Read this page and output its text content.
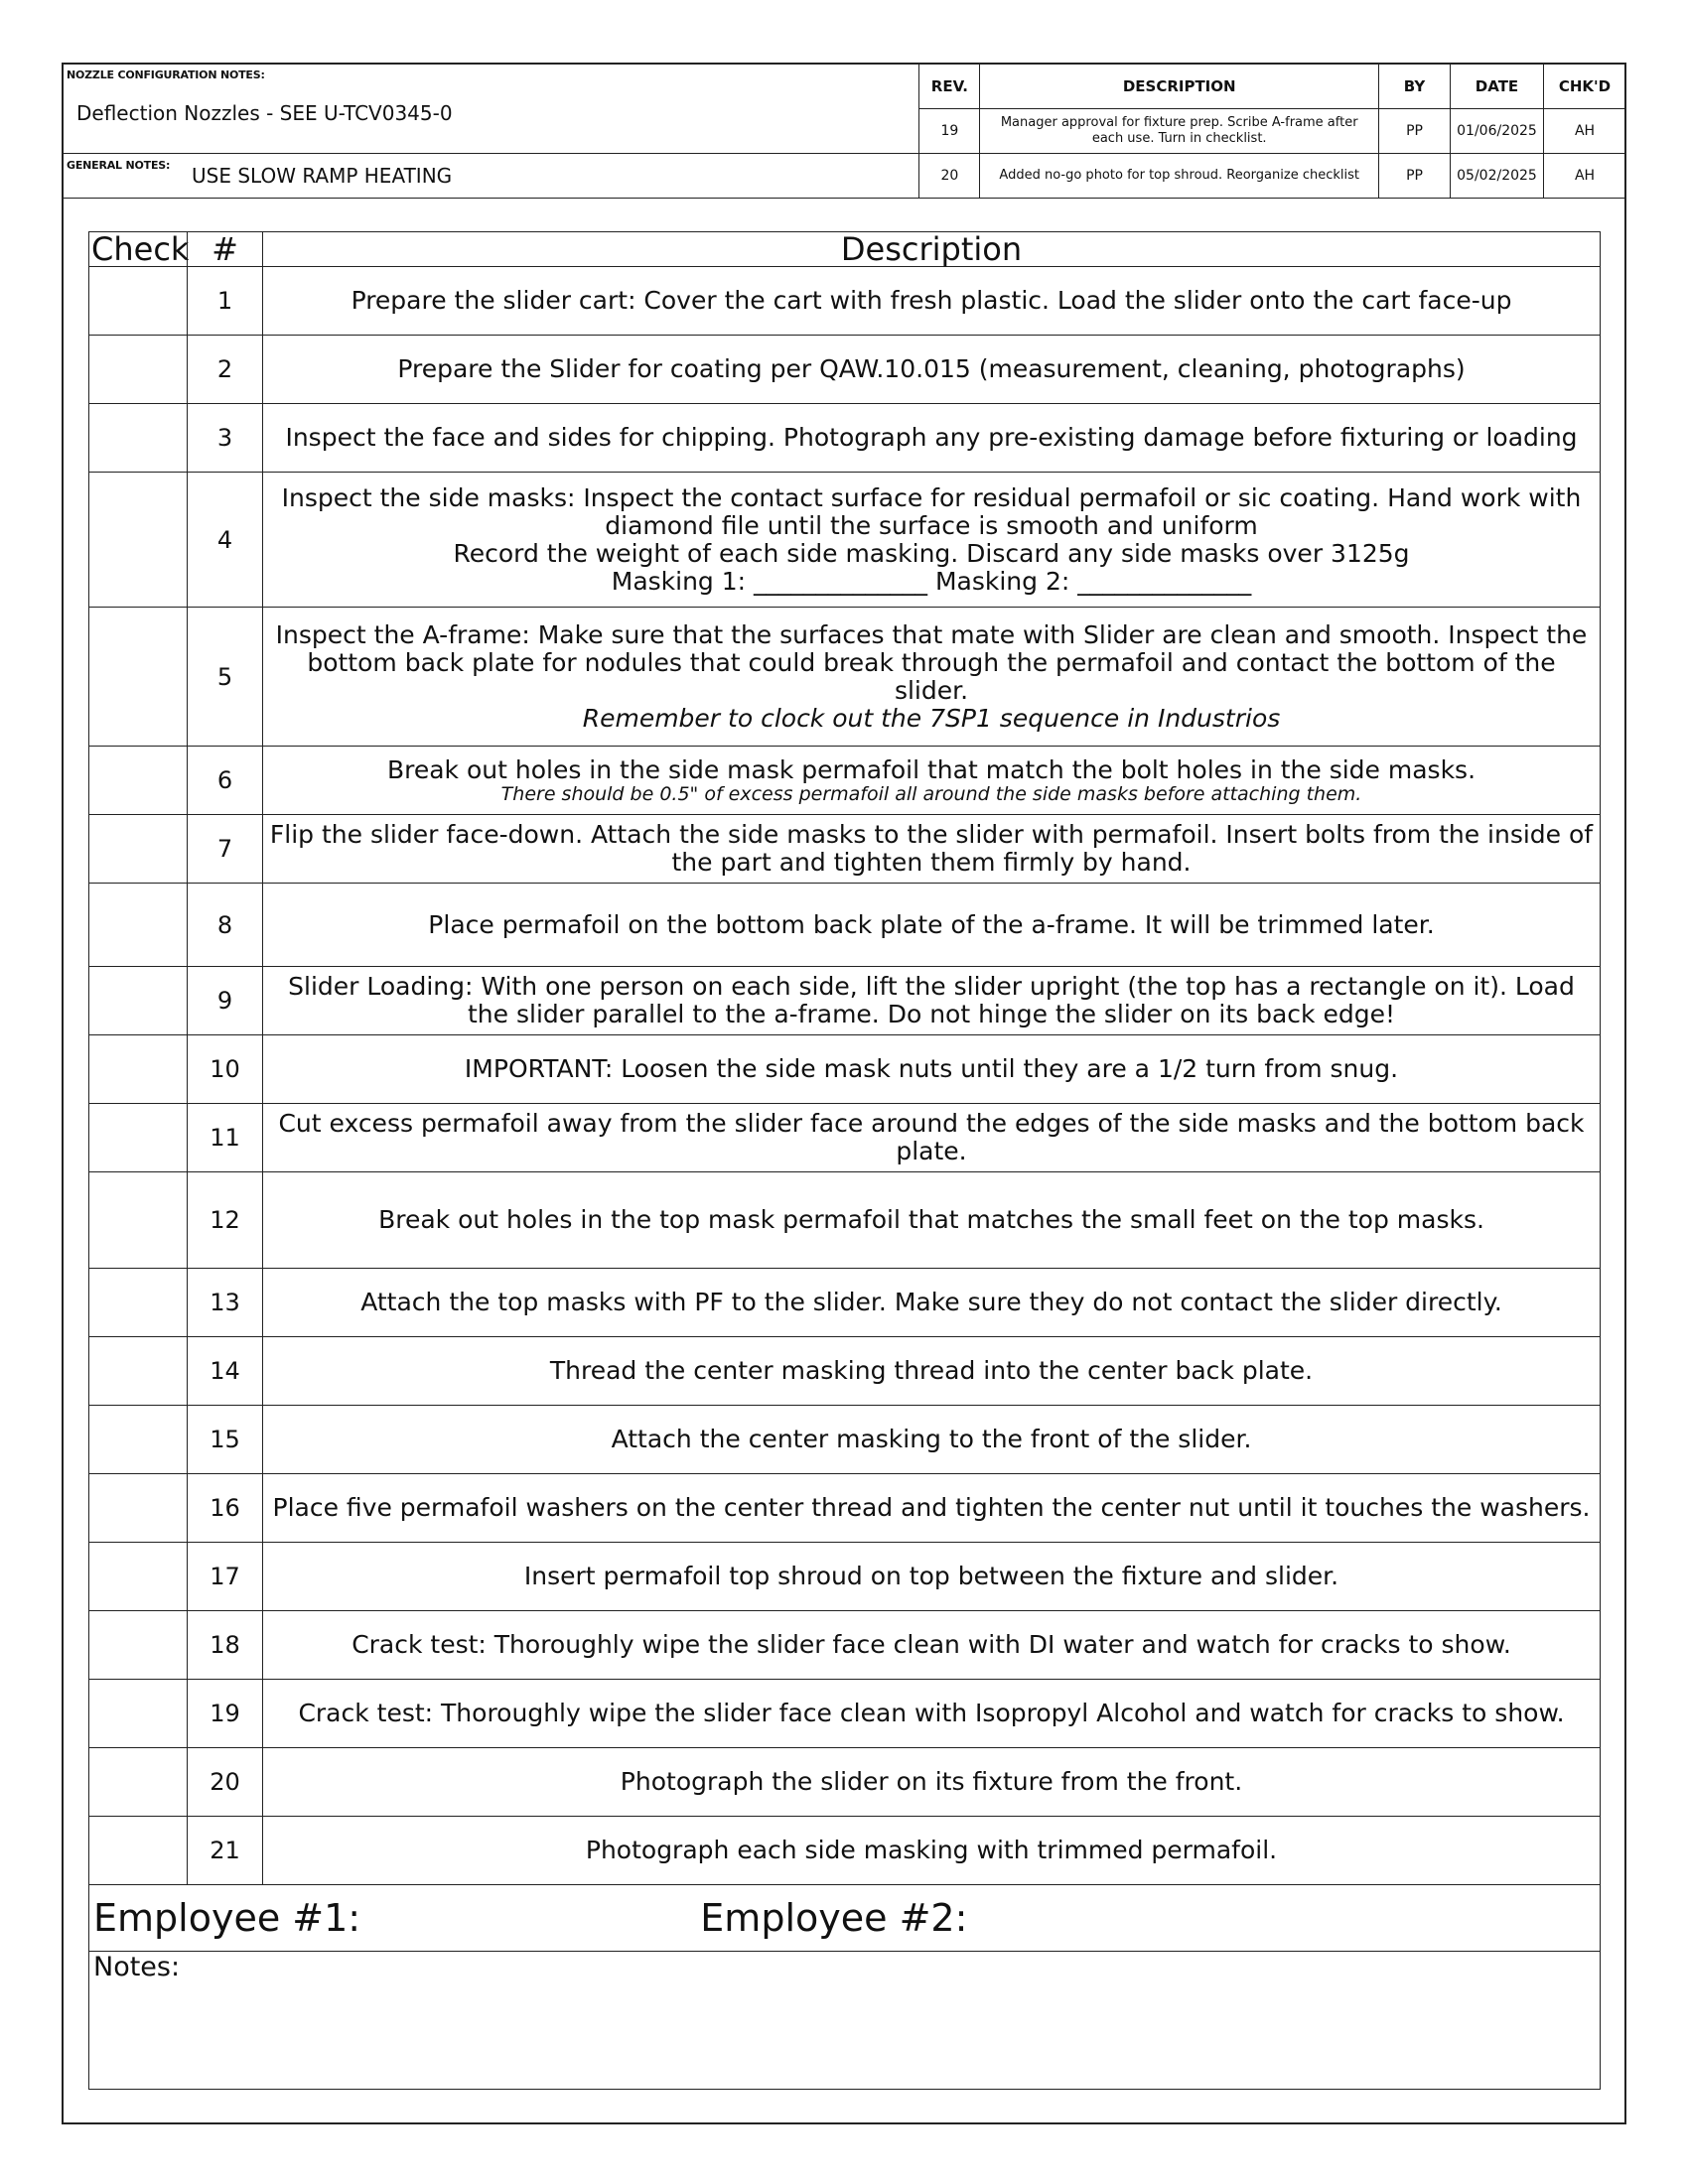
NOZZLE CONFIGURATION NOTES:
Deflection Nozzles - SEE U-TCV0345-0	REV.	DESCRIPTION	BY	DATE	CHK'D
	19	Manager approval for fixture prep. Scribe A-frame after each use. Turn in checklist.	PP	01/06/2025	AH

GENERAL NOTES: USE SLOW RAMP HEATING	20	Added no-go photo for top shroud. Reorganize checklist	PP	05/02/2025	AH
Check	#	Description
	1	Prepare the slider cart: Cover the cart with fresh plastic. Load the slider onto the cart face-up
	2	Prepare the Slider for coating per QAW.10.015 (measurement, cleaning, photographs)
	3	Inspect the face and sides for chipping. Photograph any pre-existing damage before fixturing or loading
	4	Inspect the side masks: Inspect the contact surface for residual permafoil or sic coating. Hand work with diamond file until the surface is smooth and uniform
Record the weight of each side masking. Discard any side masks over 3125g
Masking 1: ______________ Masking 2: ______________

	5	Inspect the A-frame: Make sure that the surfaces that mate with Slider are clean and smooth. Inspect the bottom back plate for nodules that could break through the permafoil and contact the bottom of the slider.
Remember to clock out the 7SP1 sequence in Industrios

	6	Break out holes in the side mask permafoil that match the bolt holes in the side masks.
There should be 0.5" of excess permafoil all around the side masks before attaching them.

	7	Flip the slider face-down. Attach the side masks to the slider with permafoil. Insert bolts from the inside of the part and tighten them firmly by hand.
	8	Place permafoil on the bottom back plate of the a-frame. It will be trimmed later.
	9	Slider Loading: With one person on each side, lift the slider upright (the top has a rectangle on it). Load the slider parallel to the a-frame. Do not hinge the slider on its back edge!
	10	IMPORTANT: Loosen the side mask nuts until they are a 1/2 turn from snug.
	11	Cut excess permafoil away from the slider face around the edges of the side masks and the bottom back plate.
	12	Break out holes in the top mask permafoil that matches the small feet on the top masks.
	13	Attach the top masks with PF to the slider. Make sure they do not contact the slider directly.
	14	Thread the center masking thread into the center back plate.
	15	Attach the center masking to the front of the slider.
	16	Place five permafoil washers on the center thread and tighten the center nut until it touches the washers.
	17	Insert permafoil top shroud on top between the fixture and slider.
	18	Crack test: Thoroughly wipe the slider face clean with DI water and watch for cracks to show.
	19	Crack test: Thoroughly wipe the slider face clean with Isopropyl Alcohol and watch for cracks to show.
	20	Photograph the slider on its fixture from the front.
	21	Photograph each side masking with trimmed permafoil.
Employee #1: Employee #2:		
Notes:		
